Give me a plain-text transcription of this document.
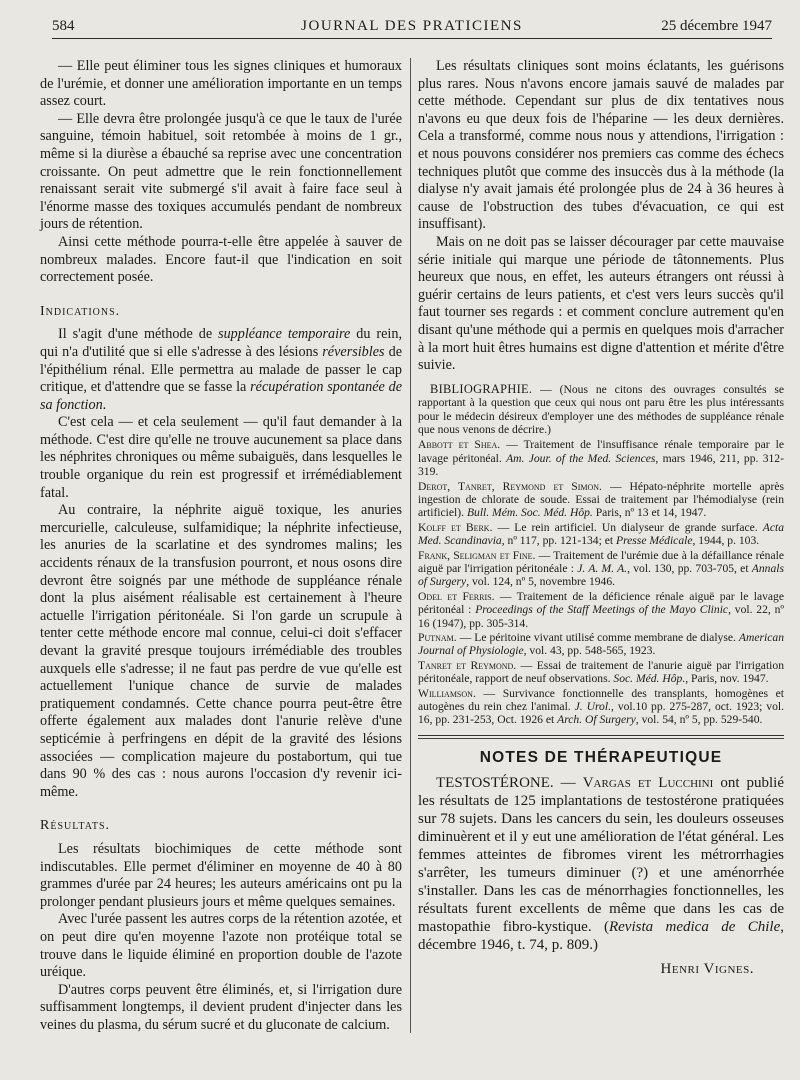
584	JOURNAL DES PRATICIENS	25 décembre 1947

— Elle peut éliminer tous les signes cliniques et humoraux de l'urémie, et donner une amélioration importante en un temps assez court.

— Elle devra être prolongée jusqu'à ce que le taux de l'urée sanguine, témoin habituel, soit retombée à moins de 1 gr., même si la diurèse a ébauché sa reprise avec une concentration croissante. On peut admettre que le rein fonctionnellement renaissant serait vite submergé s'il avait à faire face seul à l'énorme masse des toxiques accumulés pendant de nombreux jours de rétention.

Ainsi cette méthode pourra-t-elle être appelée à sauver de nombreux malades. Encore faut-il que l'indication en soit correctement posée.

Indications.

Il s'agit d'une méthode de suppléance temporaire du rein, qui n'a d'utilité que si elle s'adresse à des lésions réversibles de l'épithélium rénal. Elle permettra au malade de passer le cap critique, et d'attendre que se fasse la récupération spontanée de sa fonction.

C'est cela — et cela seulement — qu'il faut demander à la méthode. C'est dire qu'elle ne trouve aucunement sa place dans les néphrites chroniques ou même subaiguës, dans lesquelles le trouble organique du rein est progressif et irrémédiablement fatal.

Au contraire, la néphrite aiguë toxique, les anuries mercurielle, calculeuse, sulfamidique; la néphrite infectieuse, les anuries de la scarlatine et des syndromes malins; les accidents rénaux de la transfusion pourront, et nous osons dire devront être soignés par une méthode de suppléance rénale dont la plus aisément réalisable est certainement à l'heure actuelle l'irrigation péritonéale. Si l'on garde un scrupule à tenter cette méthode encore mal connue, celui-ci doit s'effacer devant la gravité presque toujours irrémédiable des troubles auxquels elle s'adresse; il ne faut pas perdre de vue qu'elle est actuellement l'unique chance de survie de malades pratiquement condamnés. Cette chance pourra peut-être être offerte également aux malades dont l'anurie relève d'une septicémie à perfringens en dépit de la gravité des lésions associées — complication majeure du postabortum, qui tue dans 90 % des cas : nous aurons l'occasion d'y revenir ici-même.

Résultats.

Les résultats biochimiques de cette méthode sont indiscutables. Elle permet d'éliminer en moyenne de 40 à 80 grammes d'urée par 24 heures; les auteurs américains ont pu la prolonger pendant plusieurs jours et même quelques semaines.

Avec l'urée passent les autres corps de la rétention azotée, et on peut dire qu'en moyenne l'azote non protéique total se trouve dans le liquide éliminé en proportion double de l'azote uréique.

D'autres corps peuvent être éliminés, et, si l'irrigation dure suffisamment longtemps, il devient prudent d'injecter dans les veines du plasma, du sérum sucré et du gluconate de calcium.

Les résultats cliniques sont moins éclatants, les guérisons plus rares. Nous n'avons encore jamais sauvé de malades par cette méthode. Cependant sur plus de dix tentatives nous n'avons eu que deux fois de l'héparine — les deux dernières. Cela a transformé, comme nous nous y attendions, l'irrigation : et nous pouvons considérer nos premiers cas comme des échecs techniques plutôt que comme des insuccès dus à la méthode (la dialyse n'y avait jamais été prolongée plus de 24 à 36 heures à cause de l'obstruction des tubes d'évacuation, ce qui est insuffisant).

Mais on ne doit pas se laisser décourager par cette mauvaise série initiale qui marque une période de tâtonnements. Plus heureux que nous, en effet, les auteurs étrangers ont réussi à guérir certains de leurs patients, et c'est vers leurs succès qu'il faut tourner ses regards : et comment conclure autrement qu'en disant qu'une méthode qui a permis en quelques mois d'arracher à la mort huit êtres humains est digne d'attention et mérite d'être suivie.

BIBLIOGRAPHIE. — (Nous ne citons des ouvrages consultés se rapportant à la question que ceux qui nous ont paru être les plus intéressants pour le médecin désireux d'employer une des méthodes de suppléance rénale que nous venons de décrire.)

Abbott et Shea. — Traitement de l'insuffisance rénale temporaire par le lavage péritonéal. Am. Jour. of the Med. Sciences, mars 1946, 211, pp. 312-319.

Derot, Tanret, Reymond et Simon. — Hépato-néphrite mortelle après ingestion de chlorate de soude. Essai de traitement par l'hémodialyse (rein artificiel). Bull. Mém. Soc. Méd. Hôp. Paris, nº 13 et 14, 1947.

Kolff et Berk. — Le rein artificiel. Un dialyseur de grande surface. Acta Med. Scandinavia, nº 117, pp. 121-134; et Presse Médicale, 1944, p. 103.

Frank, Seligman et Fine. — Traitement de l'urémie due à la défaillance rénale aiguë par l'irrigation péritonéale : J. A. M. A., vol. 130, pp. 703-705, et Annals of Surgery, vol. 124, nº 5, novembre 1946.

Odel et Ferris. — Traitement de la déficience rénale aiguë par le lavage péritonéal : Proceedings of the Staff Meetings of the Mayo Clinic, vol. 22, nº 16 (1947), pp. 305-314.

Putnam. — Le péritoine vivant utilisé comme membrane de dialyse. American Journal of Physiologie, vol. 43, pp. 548-565, 1923.

Tanret et Reymond. — Essai de traitement de l'anurie aiguë par l'irrigation péritonéale, rapport de neuf observations. Soc. Méd. Hôp., Paris, nov. 1947.

Williamson. — Survivance fonctionnelle des transplants, homogènes et autogènes du rein chez l'animal. J. Urol., vol.10 pp. 275-287, oct. 1923; vol. 16, pp. 231-253, Oct. 1926 et Arch. Of Surgery, vol. 54, nº 5, pp. 529-540.

NOTES DE THÉRAPEUTIQUE

TESTOSTÉRONE. — Vargas et Lucchini ont publié les résultats de 125 implantations de testostérone pratiquées sur 78 sujets. Dans les cancers du sein, les douleurs osseuses diminuèrent et il y eut une amélioration de l'état général. Les femmes atteintes de fibromes virent les métrorrhagies s'arrêter, les tumeurs diminuer (?) et une aménorrhée s'installer. Dans les cas de ménorrhagies fonctionnelles, les résultats furent excellents de même que dans les cas de mastopathie fibro-kystique. (Revista medica de Chile, décembre 1946, t. 74, p. 809.)

Henri Vignes.
